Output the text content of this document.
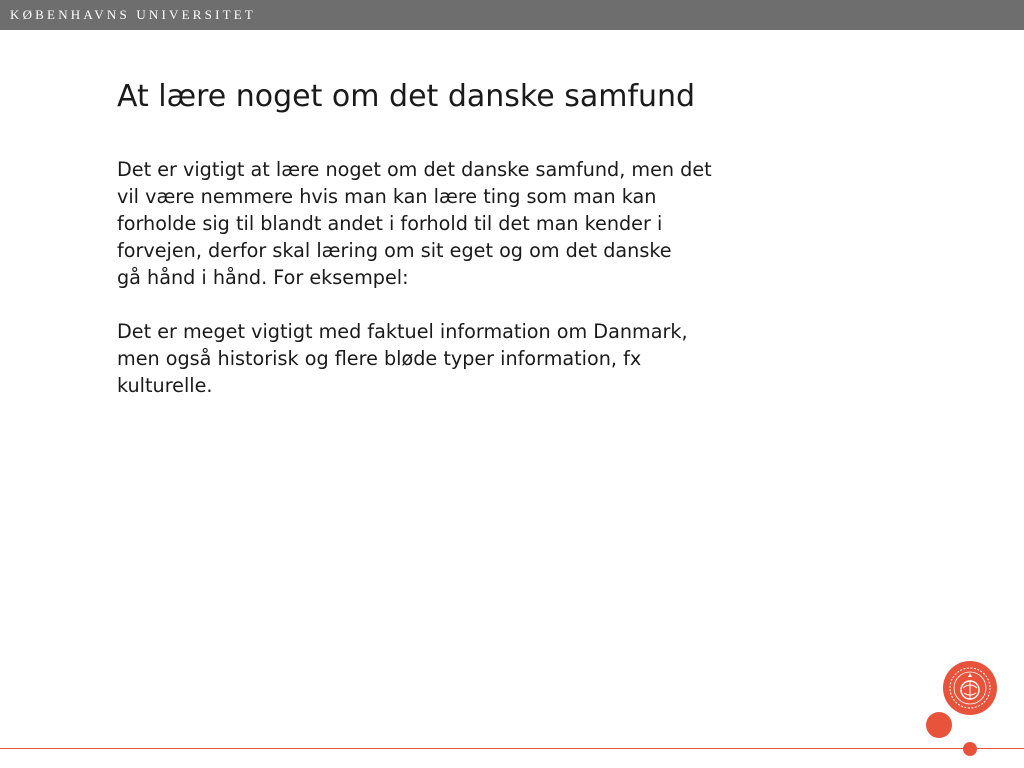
KØBENHAVNS UNIVERSITET
At lære noget om det danske samfund

Det er vigtigt at lære noget om det danske samfund, men det
vil være nemmere hvis man kan lære ting som man kan
forholde sig til blandt andet i forhold til det man kender i
forvejen, derfor skal læring om sit eget og om det danske
gå hånd i hånd. For eksempel:

Det er meget vigtigt med faktuel information om Danmark,
men også historisk og flere bløde typer information, fx
kulturelle.
